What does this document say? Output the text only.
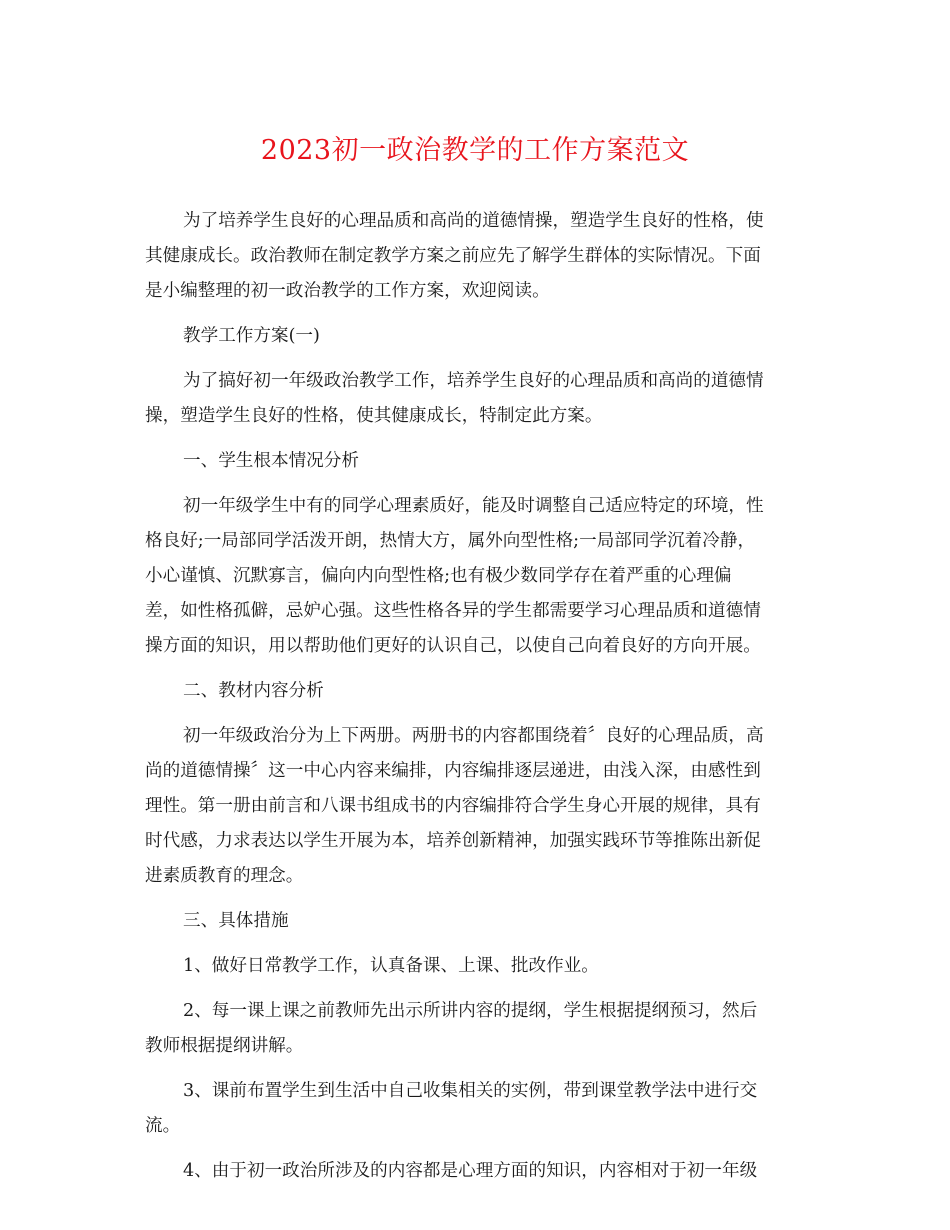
2023初一政治教学的工作方案范文
为了培养学生良好的心理品质和高尚的道德情操，塑造学生良好的性格，使
其健康成长。政治教师在制定教学方案之前应先了解学生群体的实际情况。下面
是小编整理的初一政治教学的工作方案，欢迎阅读。
教学工作方案(一)
为了搞好初一年级政治教学工作，培养学生良好的心理品质和高尚的道德情
操，塑造学生良好的性格，使其健康成长，特制定此方案。
一、学生根本情况分析
初一年级学生中有的同学心理素质好，能及时调整自己适应特定的环境，性
格良好;一局部同学活泼开朗，热情大方，属外向型性格;一局部同学沉着冷静，
小心谨慎、沉默寡言，偏向内向型性格;也有极少数同学存在着严重的心理偏
差，如性格孤僻，忌妒心强。这些性格各异的学生都需要学习心理品质和道德情
操方面的知识，用以帮助他们更好的认识自己，以使自己向着良好的方向开展。
二、教材内容分析
初一年级政治分为上下两册。两册书的内容都围绕着〞良好的心理品质，高
尚的道德情操〞这一中心内容来编排，内容编排逐层递进，由浅入深，由感性到
理性。第一册由前言和八课书组成书的内容编排符合学生身心开展的规律，具有
时代感，力求表达以学生开展为本，培养创新精神，加强实践环节等推陈出新促
进素质教育的理念。
三、具体措施
1、做好日常教学工作，认真备课、上课、批改作业。
2、每一课上课之前教师先出示所讲内容的提纲，学生根据提纲预习，然后
教师根据提纲讲解。
3、课前布置学生到生活中自己收集相关的实例，带到课堂教学法中进行交
流。
4、由于初一政治所涉及的内容都是心理方面的知识，内容相对于初一年级
